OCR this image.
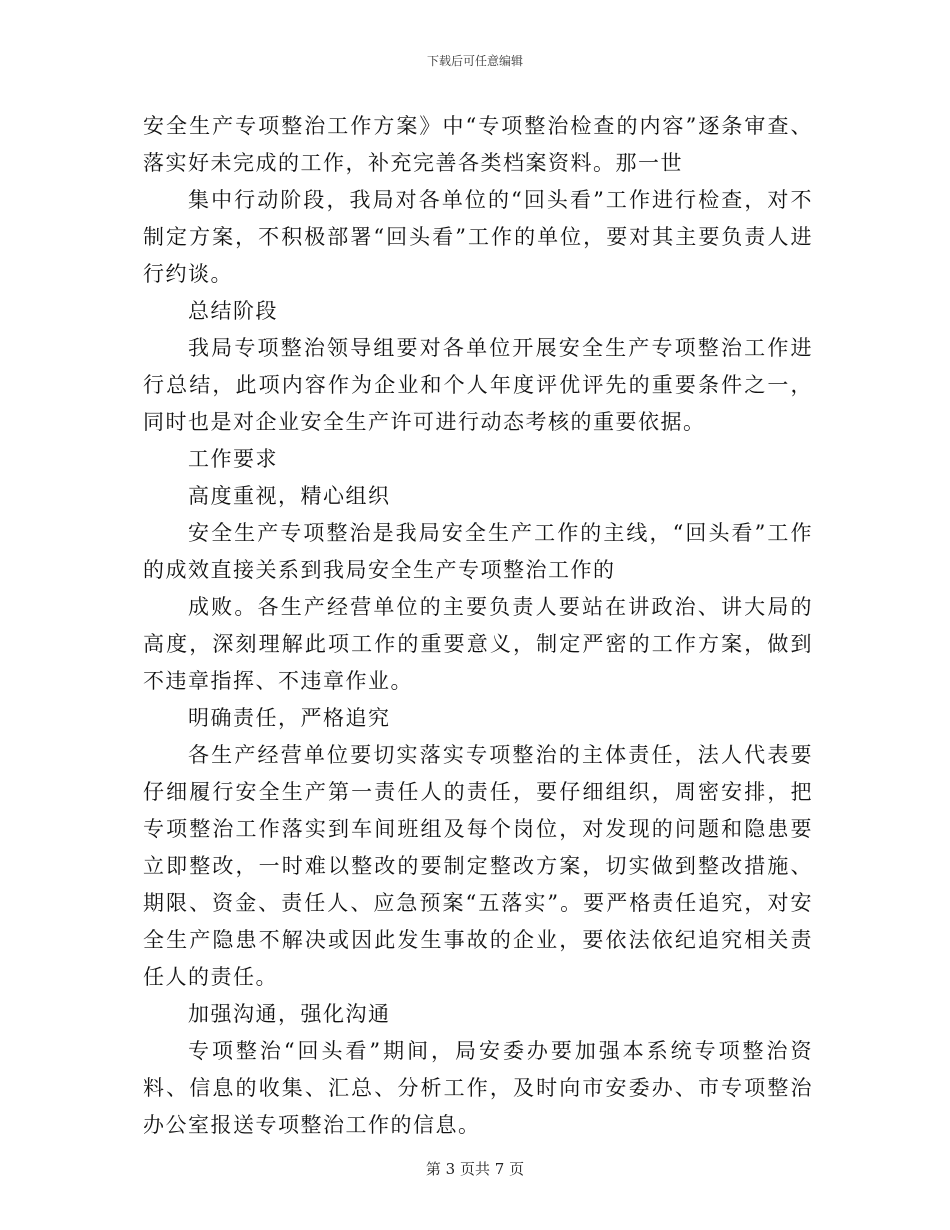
下载后可任意编辑

安全生产专项整治工作方案》中“专项整治检查的内容”逐条审查、落实好未完成的工作，补充完善各类档案资料。那一世

集中行动阶段，我局对各单位的“回头看”工作进行检查，对不制定方案，不积极部署“回头看”工作的单位，要对其主要负责人进行约谈。

总结阶段

我局专项整治领导组要对各单位开展安全生产专项整治工作进行总结，此项内容作为企业和个人年度评优评先的重要条件之一，同时也是对企业安全生产许可进行动态考核的重要依据。

工作要求

高度重视，精心组织

安全生产专项整治是我局安全生产工作的主线，“回头看”工作的成效直接关系到我局安全生产专项整治工作的

成败。各生产经营单位的主要负责人要站在讲政治、讲大局的高度，深刻理解此项工作的重要意义，制定严密的工作方案，做到不违章指挥、不违章作业。

明确责任，严格追究

各生产经营单位要切实落实专项整治的主体责任，法人代表要仔细履行安全生产第一责任人的责任，要仔细组织，周密安排，把专项整治工作落实到车间班组及每个岗位，对发现的问题和隐患要立即整改，一时难以整改的要制定整改方案，切实做到整改措施、期限、资金、责任人、应急预案“五落实”。要严格责任追究，对安全生产隐患不解决或因此发生事故的企业，要依法依纪追究相关责任人的责任。

加强沟通，强化沟通

专项整治“回头看”期间，局安委办要加强本系统专项整治资料、信息的收集、汇总、分析工作，及时向市安委办、市专项整治办公室报送专项整治工作的信息。

第 3 页共 7 页
